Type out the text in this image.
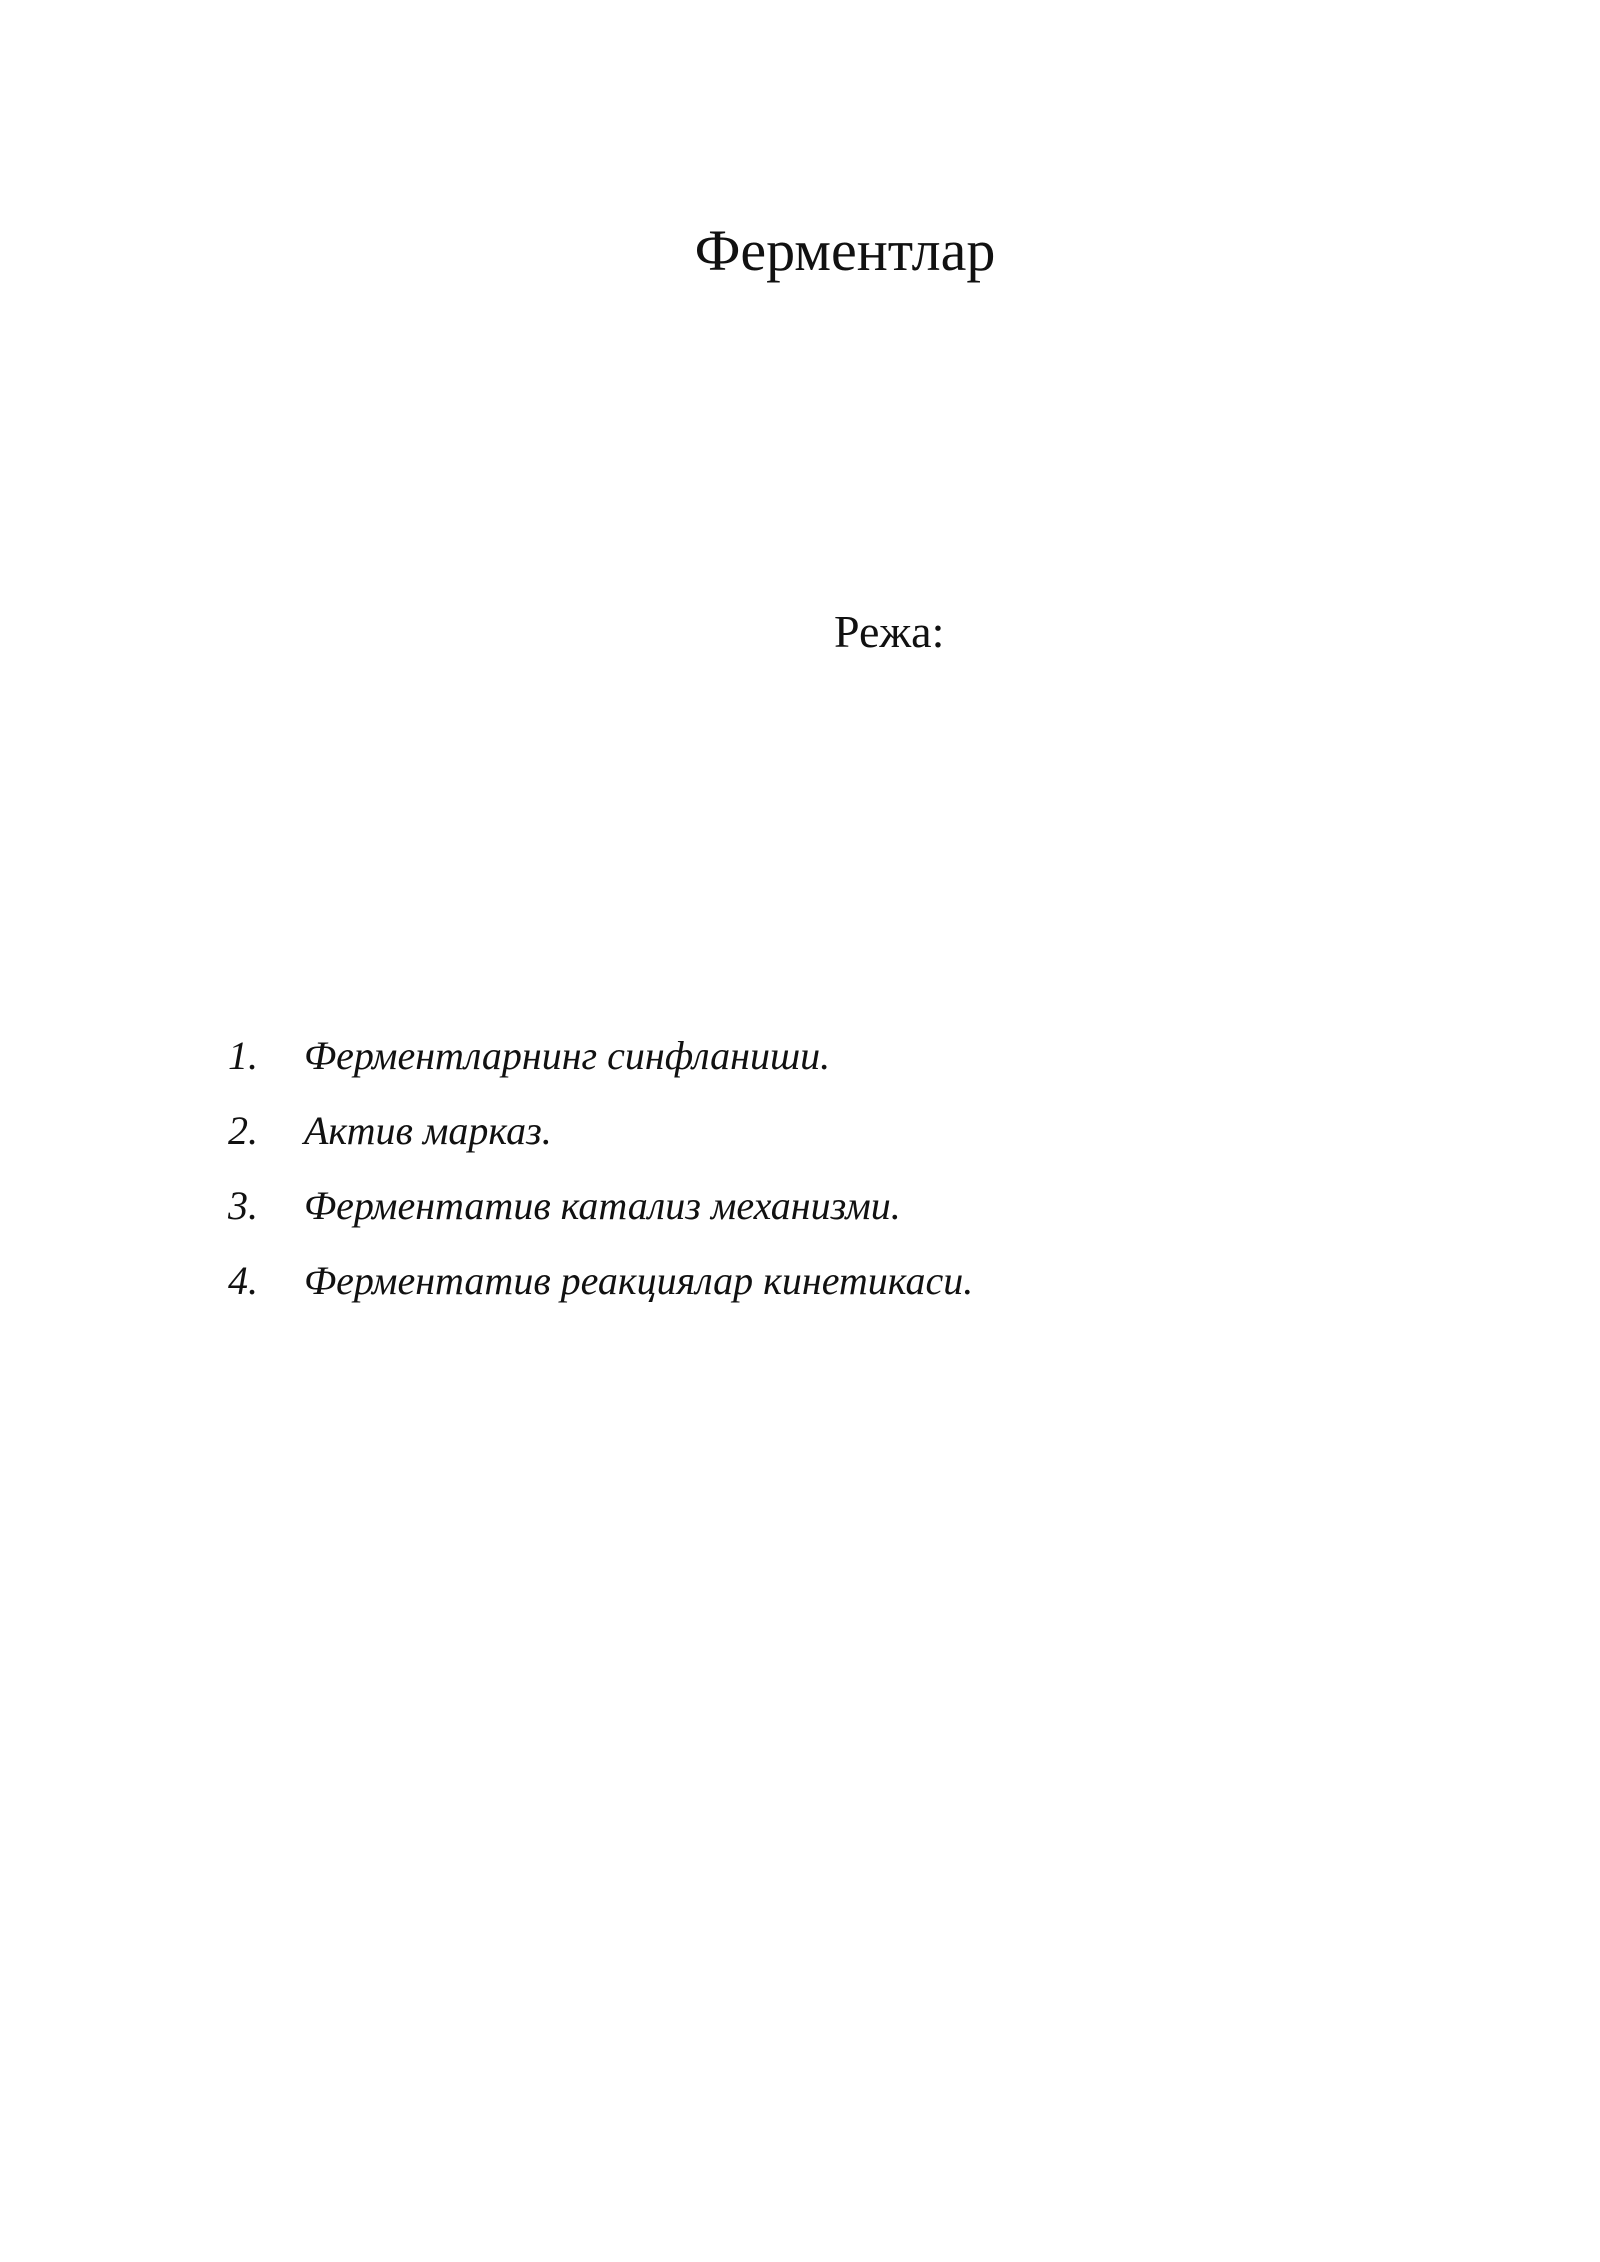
Ферментлар
Режа:
1.	Ферментларнинг синфланиши.
2.	Актив марказ.
3.	Ферментатив катализ механизми.
4.	Ферментатив реакциялар кинетикаси.
